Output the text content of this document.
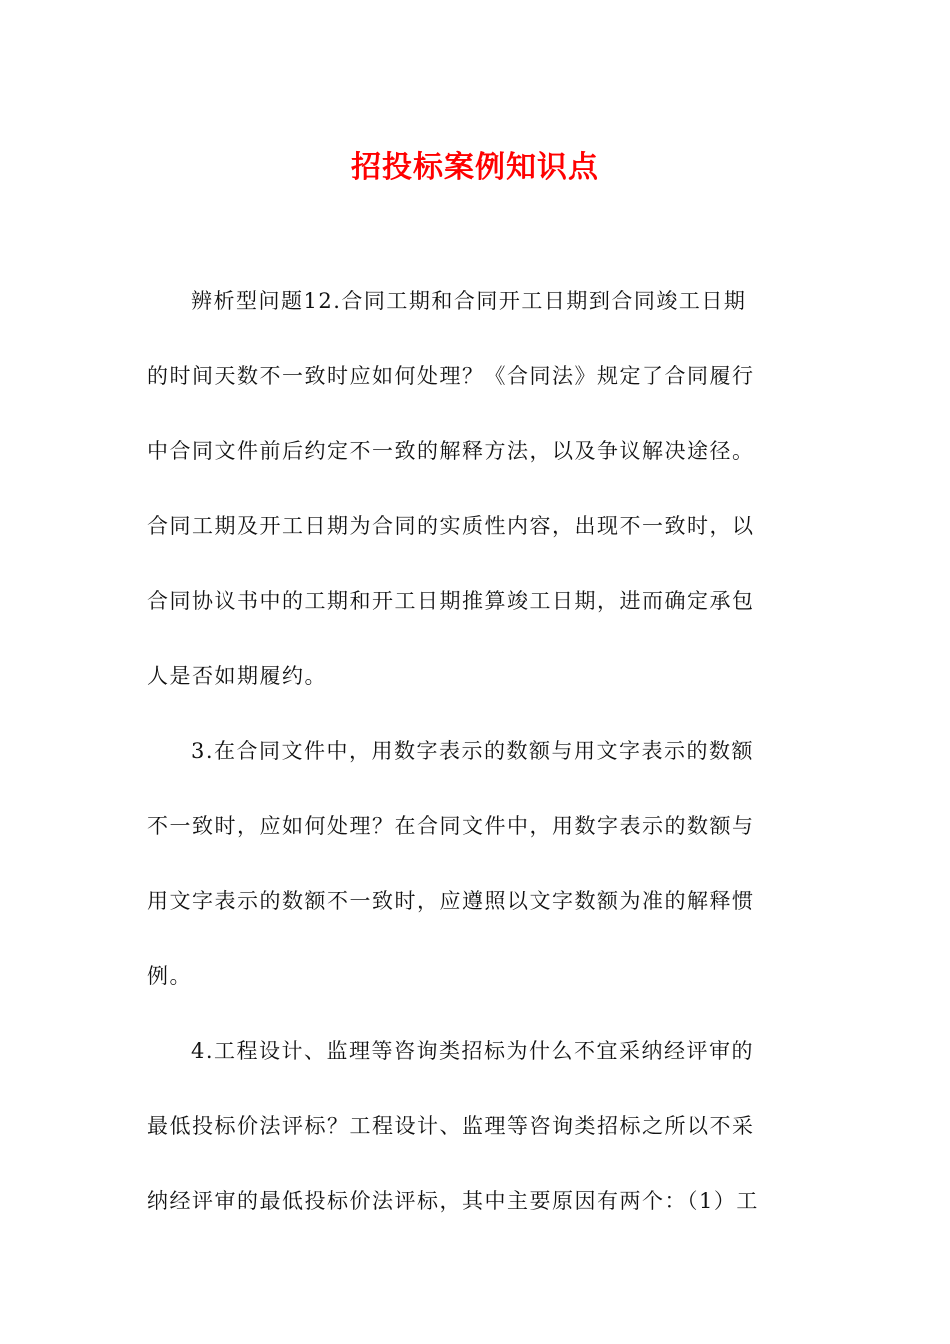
招投标案例知识点
辨析型问题12.合同工期和合同开工日期到合同竣工日期
的时间天数不一致时应如何处理？《合同法》规定了合同履行
中合同文件前后约定不一致的解释方法，以及争议解决途径。
合同工期及开工日期为合同的实质性内容，出现不一致时，以
合同协议书中的工期和开工日期推算竣工日期，进而确定承包
人是否如期履约。
3.在合同文件中，用数字表示的数额与用文字表示的数额
不一致时，应如何处理？在合同文件中，用数字表示的数额与
用文字表示的数额不一致时，应遵照以文字数额为准的解释惯
例。
4.工程设计、监理等咨询类招标为什么不宜采纳经评审的
最低投标价法评标？工程设计、监理等咨询类招标之所以不采
纳经评审的最低投标价法评标，其中主要原因有两个：（1）工
